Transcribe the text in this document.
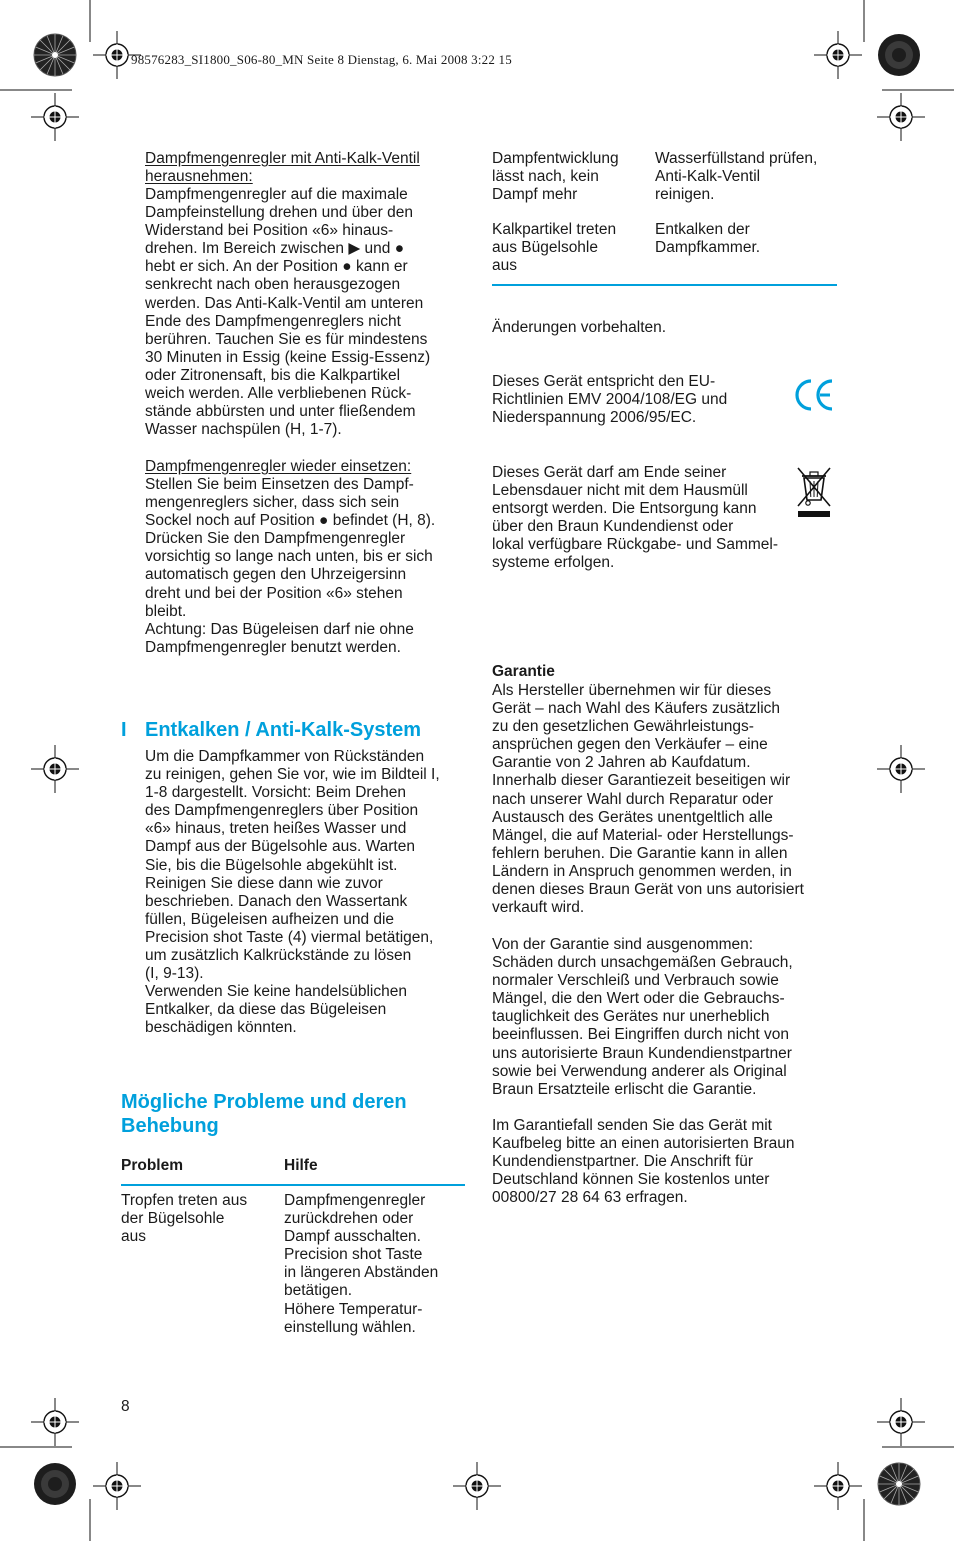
98576283_SI1800_S06-80_MN Seite 8 Dienstag, 6. Mai 2008 3:22 15
Dampfmengenregler mit Anti-Kalk-Ventil
herausnehmen:
Dampfmengenregler auf die maximale
Dampfeinstellung drehen und über den
Widerstand bei Position «6» hinaus-
drehen. Im Bereich zwischen ▶ und ●
hebt er sich. An der Position ● kann er
senkrecht nach oben herausgezogen
werden. Das Anti-Kalk-Ventil am unteren
Ende des Dampfmengenreglers nicht
berühren. Tauchen Sie es für mindestens
30 Minuten in Essig (keine Essig-Essenz)
oder Zitronensaft, bis die Kalkpartikel
weich werden. Alle verbliebenen Rück-
stände abbürsten und unter fließendem
Wasser nachspülen (H, 1-7).
Dampfmengenregler wieder einsetzen:
Stellen Sie beim Einsetzen des Dampf-
mengenreglers sicher, dass sich sein
Sockel noch auf Position ● befindet (H, 8).
Drücken Sie den Dampfmengenregler
vorsichtig so lange nach unten, bis er sich
automatisch gegen den Uhrzeigersinn
dreht und bei der Position «6» stehen
bleibt.
Achtung: Das Bügeleisen darf nie ohne
Dampfmengenregler benutzt werden.
I Entkalken / Anti-Kalk-System
Um die Dampfkammer von Rückständen
zu reinigen, gehen Sie vor, wie im Bildteil I,
1-8 dargestellt. Vorsicht: Beim Drehen
des Dampfmengenreglers über Position
«6» hinaus, treten heißes Wasser und
Dampf aus der Bügelsohle aus. Warten
Sie, bis die Bügelsohle abgekühlt ist.
Reinigen Sie diese dann wie zuvor
beschrieben. Danach den Wassertank
füllen, Bügeleisen aufheizen und die
Precision shot Taste (4) viermal betätigen,
um zusätzlich Kalkrückstände zu lösen
(I, 9-13).
Verwenden Sie keine handelsüblichen
Entkalker, da diese das Bügeleisen
beschädigen könnten.
Mögliche Probleme und deren
Behebung
Problem	Hilfe
Tropfen treten aus
der Bügelsohle
aus
Dampfmengenregler
zurückdrehen oder
Dampf ausschalten.
Precision shot Taste
in längeren Abständen
betätigen.
Höhere Temperatur-
einstellung wählen.
8
Dampfentwicklung
lässt nach, kein
Dampf mehr
Wasserfüllstand prüfen,
Anti-Kalk-Ventil
reinigen.
Kalkpartikel treten
aus Bügelsohle
aus
Entkalken der
Dampfkammer.
Änderungen vorbehalten.
Dieses Gerät entspricht den EU-
Richtlinien EMV 2004/108/EG und
Niederspannung 2006/95/EC.
Dieses Gerät darf am Ende seiner
Lebensdauer nicht mit dem Hausmüll
entsorgt werden. Die Entsorgung kann
über den Braun Kundendienst oder
lokal verfügbare Rückgabe- und Sammel-
systeme erfolgen.
Garantie
Als Hersteller übernehmen wir für dieses
Gerät – nach Wahl des Käufers zusätzlich
zu den gesetzlichen Gewährleistungs-
ansprüchen gegen den Verkäufer – eine
Garantie von 2 Jahren ab Kaufdatum.
Innerhalb dieser Garantiezeit beseitigen wir
nach unserer Wahl durch Reparatur oder
Austausch des Gerätes unentgeltlich alle
Mängel, die auf Material- oder Herstellungs-
fehlern beruhen. Die Garantie kann in allen
Ländern in Anspruch genommen werden, in
denen dieses Braun Gerät von uns autorisiert
verkauft wird.
Von der Garantie sind ausgenommen:
Schäden durch unsachgemäßen Gebrauch,
normaler Verschleiß und Verbrauch sowie
Mängel, die den Wert oder die Gebrauchs-
tauglichkeit des Gerätes nur unerheblich
beeinflussen. Bei Eingriffen durch nicht von
uns autorisierte Braun Kundendienstpartner
sowie bei Verwendung anderer als Original
Braun Ersatzteile erlischt die Garantie.
Im Garantiefall senden Sie das Gerät mit
Kaufbeleg bitte an einen autorisierten Braun
Kundendienstpartner. Die Anschrift für
Deutschland können Sie kostenlos unter
00800/27 28 64 63 erfragen.
